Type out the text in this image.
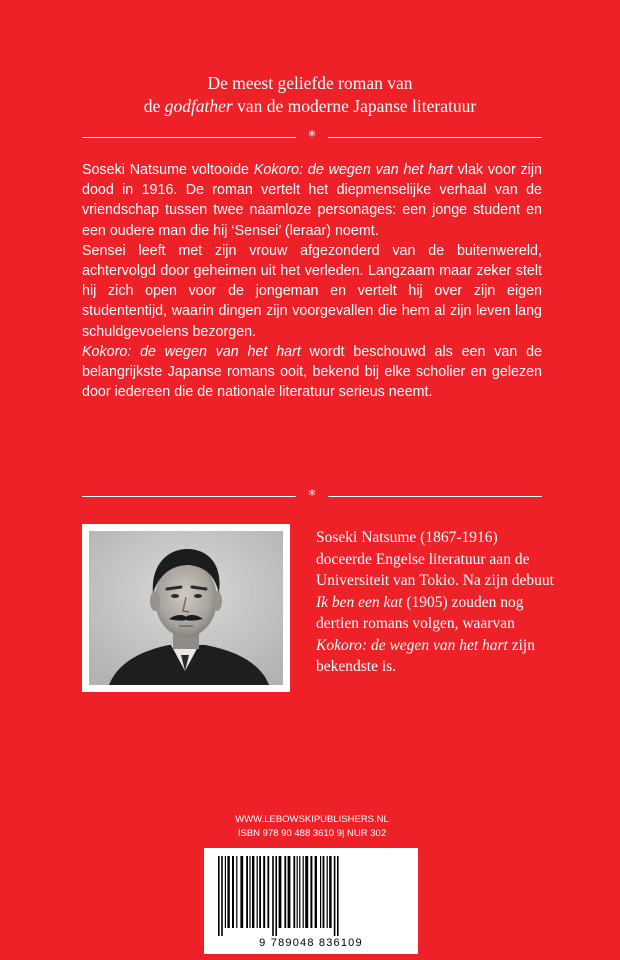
De meest geliefde roman van
de godfather van de moderne Japanse literatuur
*

Soseki Natsume voltooide Kokoro: de wegen van het hart vlak voor zijn dood in 1916. De roman vertelt het diepmenselijke verhaal van de vriendschap tussen twee naamloze personages: een jonge student en een oudere man die hij ‘Sensei’ (leraar) noemt.

Sensei leeft met zijn vrouw afgezonderd van de buitenwereld, achtervolgd door geheimen uit het verleden. Langzaam maar zeker stelt hij zich open voor de jongeman en vertelt hij over zijn eigen studententijd, waarin dingen zijn voorgevallen die hem al zijn leven lang schuldgevoelens bezorgen.

Kokoro: de wegen van het hart wordt beschouwd als een van de belangrijkste Japanse romans ooit, bekend bij elke scholier en gelezen door iedereen die de nationale literatuur serieus neemt.

*

Soseki Natsume (1867-1916) doceerde Engelse literatuur aan de Universiteit van Tokio. Na zijn debuut Ik ben een kat (1905) zouden nog dertien romans volgen, waarvan Kokoro: de wegen van het hart zijn bekendste is.

WWW.LEBOWSKIPUBLISHERS.NL
ISBN 978 90 488 3610 9| NUR 302
9 789048 836109
